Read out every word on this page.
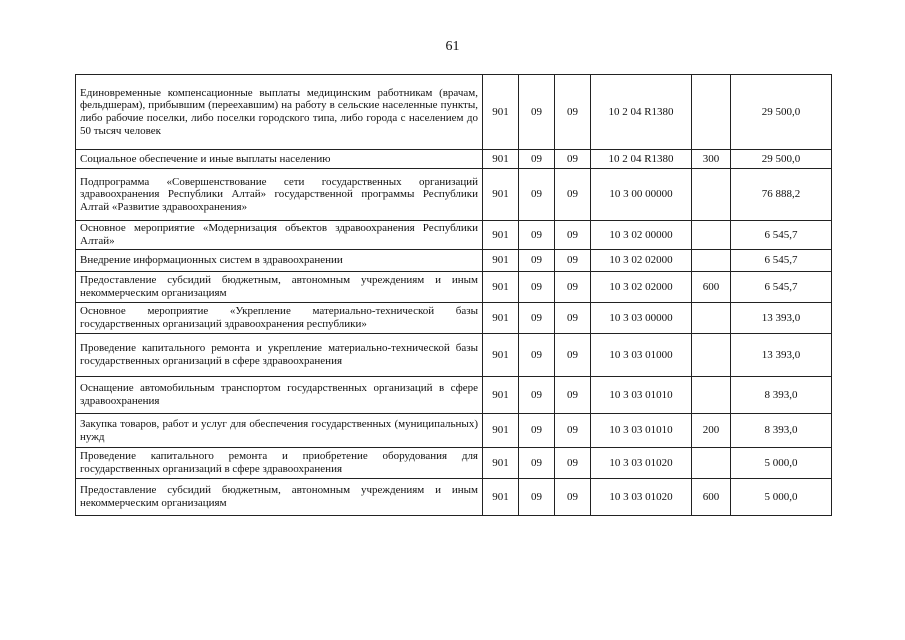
61
Единовременные компенсационные выплаты медицинским работникам (врачам, фельдшерам), прибывшим (переехавшим) на работу в сельские населенные пункты, либо рабочие поселки, либо поселки городского типа, либо города с населением до 50 тысяч человек	901	09	09	10 2 04 R1380		29 500,0
Социальное обеспечение и иные выплаты населению	901	09	09	10 2 04 R1380	300	29 500,0
Подпрограмма «Совершенствование сети государственных организаций здравоохранения Республики Алтай» государственной программы Республики Алтай «Развитие здравоохранения»	901	09	09	10 3 00 00000		76 888,2
Основное мероприятие «Модернизация объектов здравоохранения Республики Алтай»	901	09	09	10 3 02 00000		6 545,7
Внедрение информационных систем в здравоохранении	901	09	09	10 3 02 02000		6 545,7
Предоставление субсидий бюджетным, автономным учреждениям и иным некоммерческим организациям	901	09	09	10 3 02 02000	600	6 545,7
Основное мероприятие «Укрепление материально-технической базы государственных организаций здравоохранения республики»	901	09	09	10 3 03 00000		13 393,0
Проведение капитального ремонта и укрепление материально-технической базы государственных организаций в сфере здравоохранения	901	09	09	10 3 03 01000		13 393,0
Оснащение автомобильным транспортом государственных организаций в сфере здравоохранения	901	09	09	10 3 03 01010		8 393,0
Закупка товаров, работ и услуг для обеспечения государственных (муниципальных) нужд	901	09	09	10 3 03 01010	200	8 393,0
Проведение капитального ремонта и приобретение оборудования для государственных организаций в сфере здравоохранения	901	09	09	10 3 03 01020		5 000,0
Предоставление субсидий бюджетным, автономным учреждениям и иным некоммерческим организациям	901	09	09	10 3 03 01020	600	5 000,0
